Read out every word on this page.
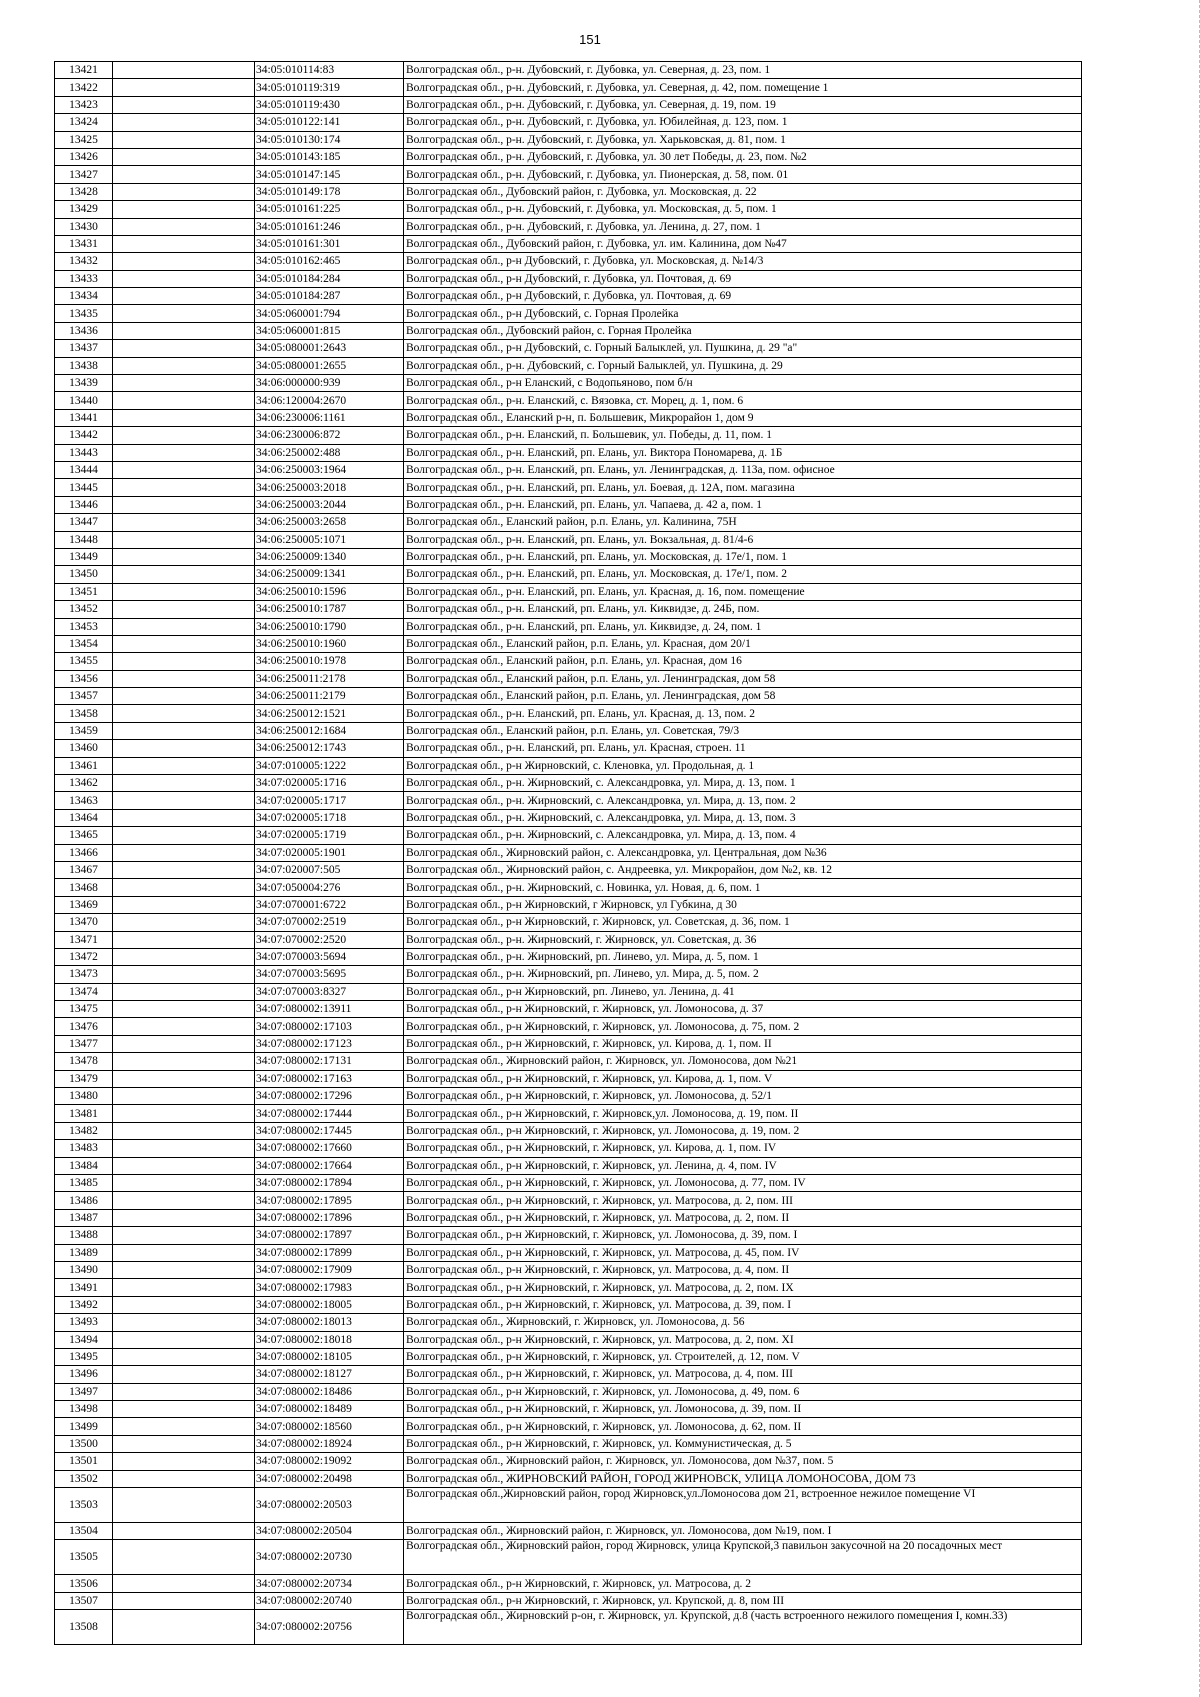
151
13421		34:05:010114:83	Волгоградская обл., р-н. Дубовский, г. Дубовка, ул. Северная, д. 23, пом. 1
13422		34:05:010119:319	Волгоградская обл., р-н. Дубовский, г. Дубовка, ул. Северная, д. 42, пом. помещение 1
13423		34:05:010119:430	Волгоградская обл., р-н. Дубовский, г. Дубовка, ул. Северная, д. 19, пом. 19
13424		34:05:010122:141	Волгоградская обл., р-н. Дубовский, г. Дубовка, ул. Юбилейная, д. 123, пом. 1
13425		34:05:010130:174	Волгоградская обл., р-н. Дубовский, г. Дубовка, ул. Харьковская, д. 81, пом. 1
13426		34:05:010143:185	Волгоградская обл., р-н. Дубовский, г. Дубовка, ул. 30 лет Победы, д. 23, пом. №2
13427		34:05:010147:145	Волгоградская обл., р-н. Дубовский, г. Дубовка, ул. Пионерская, д. 58, пом. 01
13428		34:05:010149:178	Волгоградская обл., Дубовский район, г. Дубовка, ул. Московская, д. 22
13429		34:05:010161:225	Волгоградская обл., р-н. Дубовский, г. Дубовка, ул. Московская, д. 5, пом. 1
13430		34:05:010161:246	Волгоградская обл., р-н. Дубовский, г. Дубовка, ул. Ленина, д. 27, пом. 1
13431		34:05:010161:301	Волгоградская обл., Дубовский район, г. Дубовка, ул. им. Калинина, дом №47
13432		34:05:010162:465	Волгоградская обл., р-н Дубовский, г. Дубовка, ул. Московская, д. №14/3
13433		34:05:010184:284	Волгоградская обл., р-н Дубовский, г. Дубовка, ул. Почтовая, д. 69
13434		34:05:010184:287	Волгоградская обл., р-н Дубовский, г. Дубовка, ул. Почтовая, д. 69
13435		34:05:060001:794	Волгоградская обл., р-н Дубовский, с. Горная Пролейка
13436		34:05:060001:815	Волгоградская обл., Дубовский район, с. Горная Пролейка
13437		34:05:080001:2643	Волгоградская обл., р-н Дубовский, с. Горный Балыклей, ул. Пушкина, д. 29 "а"
13438		34:05:080001:2655	Волгоградская обл., р-н. Дубовский, с. Горный Балыклей, ул. Пушкина, д. 29
13439		34:06:000000:939	Волгоградская обл., р-н Еланский, с Водопьяново, пом б/н
13440		34:06:120004:2670	Волгоградская обл., р-н. Еланский, с. Вязовка, ст. Морец, д. 1, пом. 6
13441		34:06:230006:1161	Волгоградская обл., Еланский р-н, п. Большевик, Микрорайон 1, дом 9
13442		34:06:230006:872	Волгоградская обл., р-н. Еланский, п. Большевик, ул. Победы, д. 11, пом. 1
13443		34:06:250002:488	Волгоградская обл., р-н. Еланский, рп. Елань, ул. Виктора Пономарева, д. 1Б
13444		34:06:250003:1964	Волгоградская обл., р-н. Еланский, рп. Елань, ул. Ленинградская, д. 113а, пом. офисное
13445		34:06:250003:2018	Волгоградская обл., р-н. Еланский, рп. Елань, ул. Боевая, д. 12А, пом. магазина
13446		34:06:250003:2044	Волгоградская обл., р-н. Еланский, рп. Елань, ул. Чапаева, д. 42 а, пом. 1
13447		34:06:250003:2658	Волгоградская обл., Еланский район, р.п. Елань, ул. Калинина, 75Н
13448		34:06:250005:1071	Волгоградская обл., р-н. Еланский, рп. Елань, ул. Вокзальная, д. 81/4-6
13449		34:06:250009:1340	Волгоградская обл., р-н. Еланский, рп. Елань, ул. Московская, д. 17е/1, пом. 1
13450		34:06:250009:1341	Волгоградская обл., р-н. Еланский, рп. Елань, ул. Московская, д. 17е/1, пом. 2
13451		34:06:250010:1596	Волгоградская обл., р-н. Еланский, рп. Елань, ул. Красная, д. 16, пом. помещение
13452		34:06:250010:1787	Волгоградская обл., р-н. Еланский, рп. Елань, ул. Киквидзе, д. 24Б, пом.
13453		34:06:250010:1790	Волгоградская обл., р-н. Еланский, рп. Елань, ул. Киквидзе, д. 24, пом. 1
13454		34:06:250010:1960	Волгоградская обл., Еланский район, р.п. Елань, ул. Красная, дом 20/1
13455		34:06:250010:1978	Волгоградская обл., Еланский район, р.п. Елань, ул. Красная, дом 16
13456		34:06:250011:2178	Волгоградская обл., Еланский район, р.п. Елань, ул. Ленинградская, дом 58
13457		34:06:250011:2179	Волгоградская обл., Еланский район, р.п. Елань, ул. Ленинградская, дом 58
13458		34:06:250012:1521	Волгоградская обл., р-н. Еланский, рп. Елань, ул. Красная, д. 13, пом. 2
13459		34:06:250012:1684	Волгоградская обл., Еланский район, р.п. Елань, ул. Советская, 79/3
13460		34:06:250012:1743	Волгоградская обл., р-н. Еланский, рп. Елань, ул. Красная, строен. 11
13461		34:07:010005:1222	Волгоградская обл., р-н Жирновский, с. Кленовка, ул. Продольная, д. 1
13462		34:07:020005:1716	Волгоградская обл., р-н. Жирновский, с. Александровка, ул. Мира, д. 13, пом. 1
13463		34:07:020005:1717	Волгоградская обл., р-н. Жирновский, с. Александровка, ул. Мира, д. 13, пом. 2
13464		34:07:020005:1718	Волгоградская обл., р-н. Жирновский, с. Александровка, ул. Мира, д. 13, пом. 3
13465		34:07:020005:1719	Волгоградская обл., р-н. Жирновский, с. Александровка, ул. Мира, д. 13, пом. 4
13466		34:07:020005:1901	Волгоградская обл., Жирновский район, с. Александровка, ул. Центральная, дом №36
13467		34:07:020007:505	Волгоградская обл., Жирновский район, с. Андреевка, ул. Микрорайон, дом №2, кв. 12
13468		34:07:050004:276	Волгоградская обл., р-н. Жирновский, с. Новинка, ул. Новая, д. 6, пом. 1
13469		34:07:070001:6722	Волгоградская обл., р-н Жирновский, г Жирновск, ул Губкина, д 30
13470		34:07:070002:2519	Волгоградская обл., р-н Жирновский, г. Жирновск, ул. Советская, д. 36, пом. 1
13471		34:07:070002:2520	Волгоградская обл., р-н. Жирновский, г. Жирновск, ул. Советская, д. 36
13472		34:07:070003:5694	Волгоградская обл., р-н. Жирновский, рп. Линево, ул. Мира, д. 5, пом. 1
13473		34:07:070003:5695	Волгоградская обл., р-н. Жирновский, рп. Линево, ул. Мира, д. 5, пом. 2
13474		34:07:070003:8327	Волгоградская обл., р-н Жирновский, рп. Линево, ул. Ленина, д. 41
13475		34:07:080002:13911	Волгоградская обл., р-н Жирновский, г. Жирновск, ул. Ломоносова, д. 37
13476		34:07:080002:17103	Волгоградская обл., р-н Жирновский, г. Жирновск, ул. Ломоносова, д. 75, пом. 2
13477		34:07:080002:17123	Волгоградская обл., р-н Жирновский, г. Жирновск, ул. Кирова, д. 1, пом. II
13478		34:07:080002:17131	Волгоградская обл., Жирновский район, г. Жирновск, ул. Ломоносова, дом №21
13479		34:07:080002:17163	Волгоградская обл., р-н Жирновский, г. Жирновск, ул. Кирова, д. 1, пом. V
13480		34:07:080002:17296	Волгоградская обл., р-н Жирновский, г. Жирновск, ул. Ломоносова, д. 52/1
13481		34:07:080002:17444	Волгоградская обл., р-н Жирновский, г. Жирновск,ул. Ломоносова, д. 19, пом. II
13482		34:07:080002:17445	Волгоградская обл., р-н Жирновский, г. Жирновск, ул. Ломоносова, д. 19, пом. 2
13483		34:07:080002:17660	Волгоградская обл., р-н Жирновский, г. Жирновск, ул. Кирова, д. 1, пом. IV
13484		34:07:080002:17664	Волгоградская обл., р-н Жирновский, г. Жирновск, ул. Ленина, д. 4, пом. IV
13485		34:07:080002:17894	Волгоградская обл., р-н Жирновский, г. Жирновск, ул. Ломоносова, д. 77, пом. IV
13486		34:07:080002:17895	Волгоградская обл., р-н Жирновский, г. Жирновск, ул. Матросова, д. 2, пом. III
13487		34:07:080002:17896	Волгоградская обл., р-н Жирновский, г. Жирновск, ул. Матросова, д. 2, пом. II
13488		34:07:080002:17897	Волгоградская обл., р-н Жирновский, г. Жирновск, ул. Ломоносова, д. 39, пом. I
13489		34:07:080002:17899	Волгоградская обл., р-н Жирновский, г. Жирновск, ул. Матросова, д. 45, пом. IV
13490		34:07:080002:17909	Волгоградская обл., р-н Жирновский, г. Жирновск, ул. Матросова, д. 4, пом. II
13491		34:07:080002:17983	Волгоградская обл., р-н Жирновский, г. Жирновск, ул. Матросова, д. 2, пом. IX
13492		34:07:080002:18005	Волгоградская обл., р-н Жирновский, г. Жирновск, ул. Матросова, д. 39, пом. I
13493		34:07:080002:18013	Волгоградская обл., Жирновский, г. Жирновск, ул. Ломоносова, д. 56
13494		34:07:080002:18018	Волгоградская обл., р-н Жирновский, г. Жирновск, ул. Матросова, д. 2, пом. XI
13495		34:07:080002:18105	Волгоградская обл., р-н Жирновский, г. Жирновск, ул. Строителей, д. 12, пом. V
13496		34:07:080002:18127	Волгоградская обл., р-н Жирновский, г. Жирновск, ул. Матросова, д. 4, пом. III
13497		34:07:080002:18486	Волгоградская обл., р-н Жирновский, г. Жирновск, ул. Ломоносова, д. 49, пом. 6
13498		34:07:080002:18489	Волгоградская обл., р-н Жирновский, г. Жирновск, ул. Ломоносова, д. 39, пом. II
13499		34:07:080002:18560	Волгоградская обл., р-н Жирновский, г. Жирновск, ул. Ломоносова, д. 62, пом. II
13500		34:07:080002:18924	Волгоградская обл., р-н Жирновский, г. Жирновск, ул. Коммунистическая, д. 5
13501		34:07:080002:19092	Волгоградская обл., Жирновский район, г. Жирновск, ул. Ломоносова, дом №37, пом. 5
13502		34:07:080002:20498	Волгоградская обл., ЖИРНОВСКИЙ РАЙОН, ГОРОД ЖИРНОВСК, УЛИЦА ЛОМОНОСОВА, ДОМ 73
13503		34:07:080002:20503	Волгоградская обл.,Жирновский район, город Жирновск,ул.Ломоносова дом 21, встроенное нежилое помещение VI
13504		34:07:080002:20504	Волгоградская обл., Жирновский район, г. Жирновск, ул. Ломоносова, дом №19, пом. I
13505		34:07:080002:20730	Волгоградская обл., Жирновский район, город Жирновск, улица Крупской,3 павильон закусочной на 20 посадочных мест
13506		34:07:080002:20734	Волгоградская обл., р-н Жирновский, г. Жирновск, ул. Матросова, д. 2
13507		34:07:080002:20740	Волгоградская обл., р-н Жирновский, г. Жирновск, ул. Крупской, д. 8, пом III
13508		34:07:080002:20756	Волгоградская обл., Жирновский р-он, г. Жирновск, ул. Крупской, д.8 (часть встроенного нежилого помещения I, комн.33)
